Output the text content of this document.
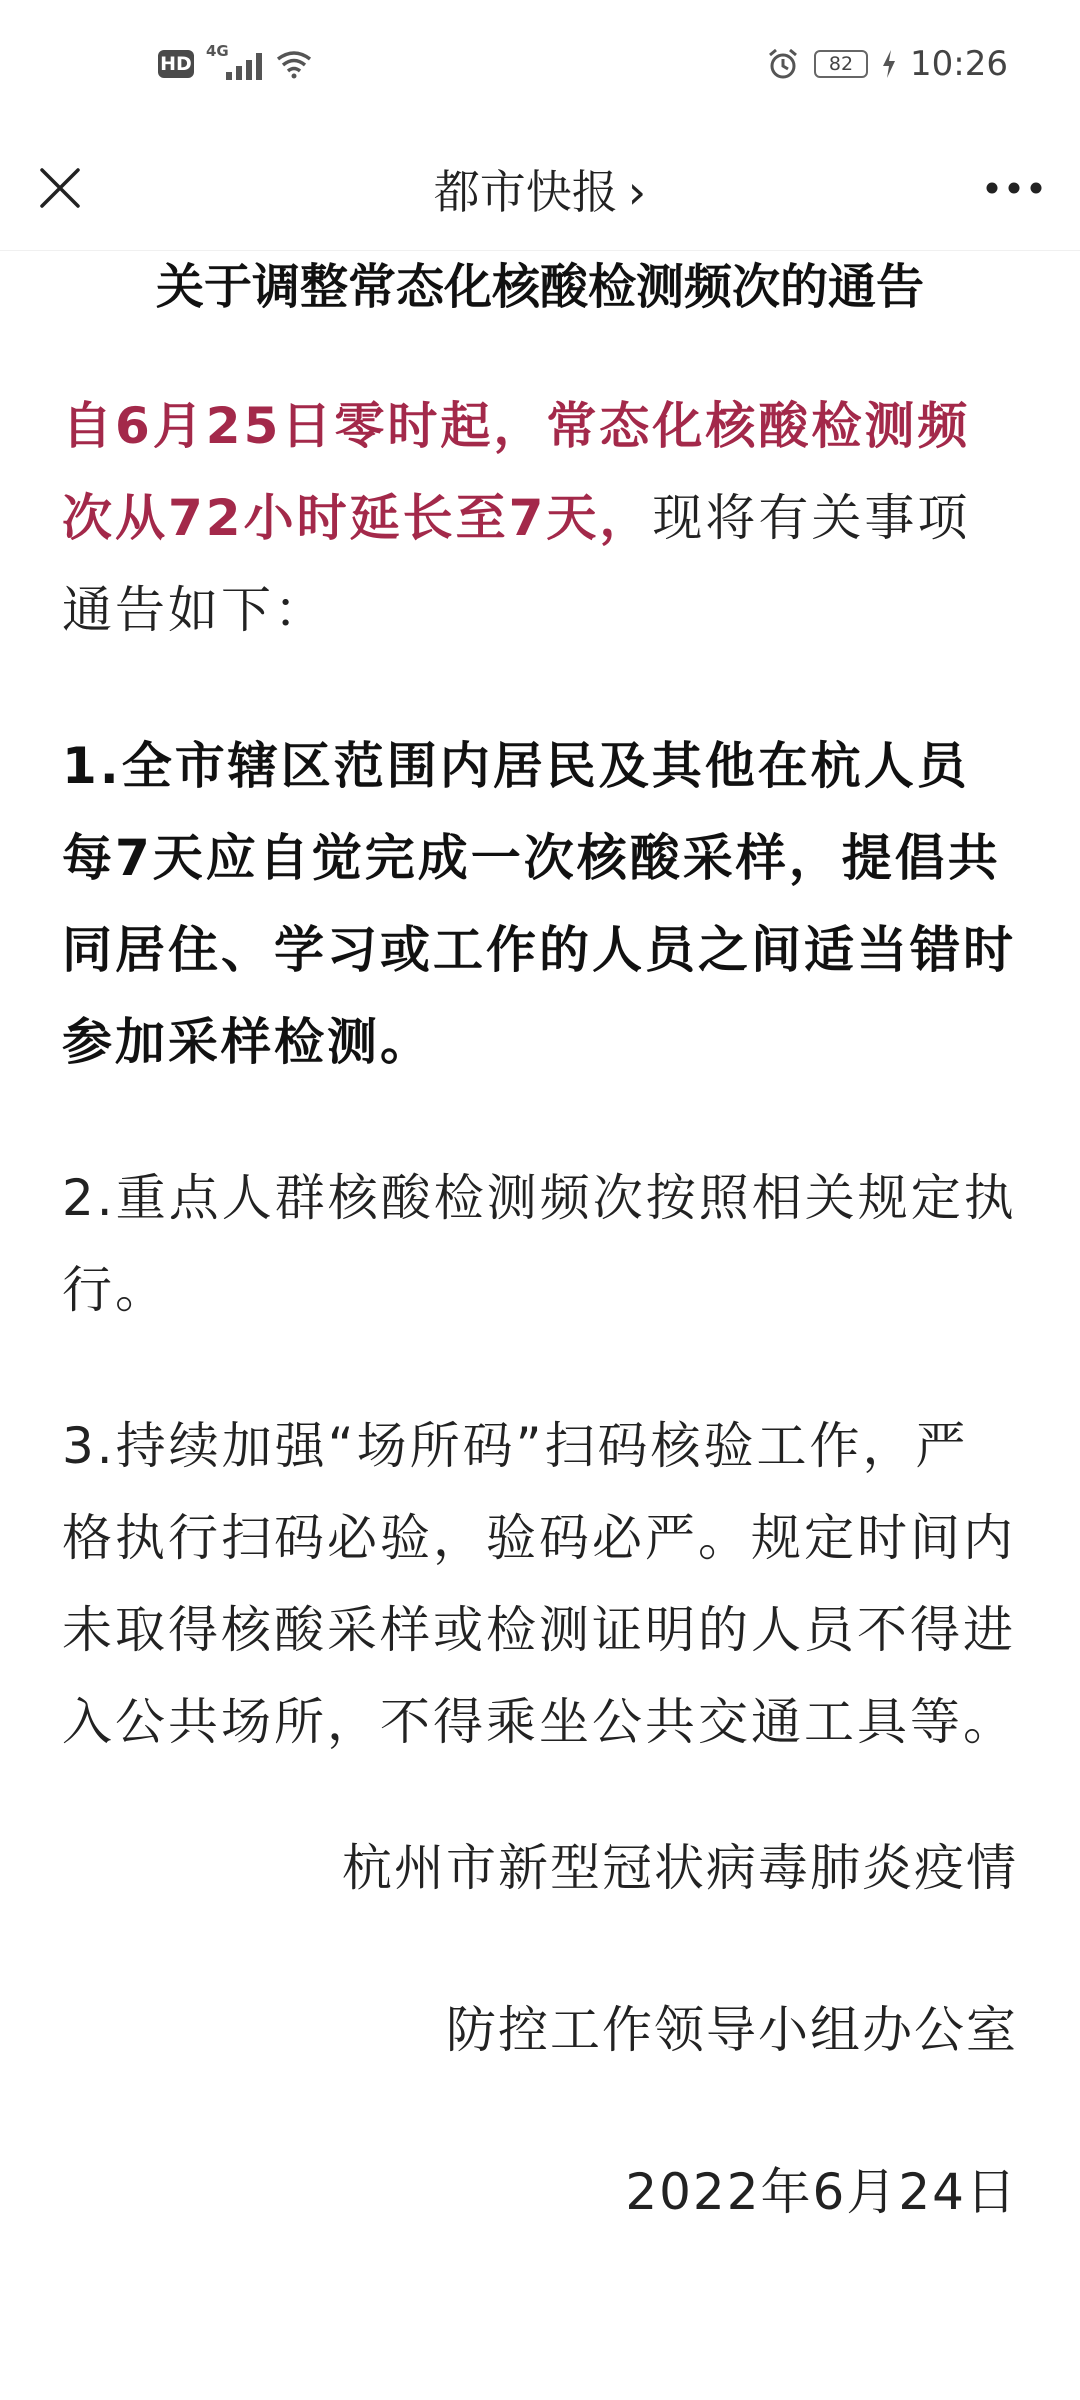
HD
4G
82	10:26
都市快报 ›

关于调整常态化核酸检测频次的通告

自6月25日零时起，常态化核酸检测频次从72小时延长至7天，现将有关事项通告如下：

1.全市辖区范围内居民及其他在杭人员每7天应自觉完成一次核酸采样，提倡共同居住、学习或工作的人员之间适当错时参加采样检测。

2.重点人群核酸检测频次按照相关规定执行。

3.持续加强“场所码”扫码核验工作，严格执行扫码必验，验码必严。规定时间内未取得核酸采样或检测证明的人员不得进入公共场所，不得乘坐公共交通工具等。

杭州市新型冠状病毒肺炎疫情

防控工作领导小组办公室

2022年6月24日
